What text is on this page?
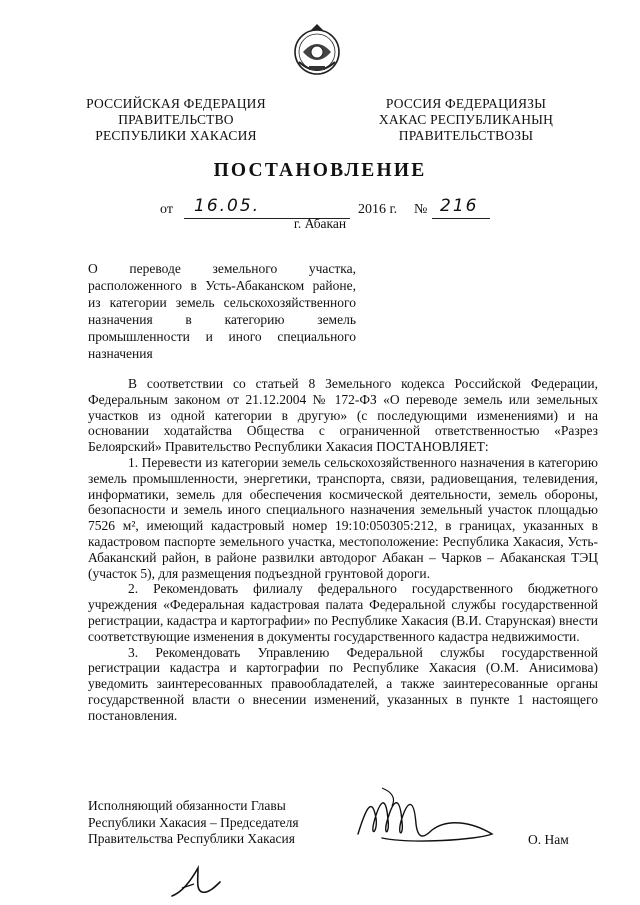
РОССИЙСКАЯ ФЕДЕРАЦИЯ
ПРАВИТЕЛЬСТВО
РЕСПУБЛИКИ ХАКАСИЯ
РОССИЯ ФЕДЕРАЦИЯЗЫ
ХАКАС РЕСПУБЛИКАНЫҢ
ПРАВИТЕЛЬСТВОЗЫ
ПОСТАНОВЛЕНИЕ
от 16.05.	2016 г. № 216
г. Абакан
О переводе земельного участка,
расположенного в Усть-Абаканском районе,
из категории земель сельскохозяйственного
назначения в категорию земель
промышленности и иного специального
назначения

В соответствии со статьей 8 Земельного кодекса Российской Федерации, Федеральным законом от 21.12.2004 № 172-ФЗ «О переводе земель или земельных участков из одной категории в другую» (с последующими изменениями) и на основании ходатайства Общества с ограниченной ответственностью «Разрез Белоярский» Правительство Республики Хакасия ПОСТАНОВЛЯЕТ:

1. Перевести из категории земель сельскохозяйственного назначения в категорию земель промышленности, энергетики, транспорта, связи, радиовещания, телевидения, информатики, земель для обеспечения космической деятельности, земель обороны, безопасности и земель иного специального назначения земельный участок площадью 7526 м², имеющий кадастровый номер 19:10:050305:212, в границах, указанных в кадастровом паспорте земельного участка, местоположение: Республика Хакасия, Усть-Абаканский район, в районе развилки автодорог Абакан – Чарков – Абаканская ТЭЦ (участок 5), для размещения подъездной грунтовой дороги.

2. Рекомендовать филиалу федерального государственного бюджетного учреждения «Федеральная кадастровая палата Федеральной службы государственной регистрации, кадастра и картографии» по Республике Хакасия (В.И. Старунская) внести соответствующие изменения в документы государственного кадастра недвижимости.

3. Рекомендовать Управлению Федеральной службы государственной регистрации кадастра и картографии по Республике Хакасия (О.М. Анисимова) уведомить заинтересованных правообладателей, а также заинтересованные органы государственной власти о внесении изменений, указанных в пункте 1 настоящего постановления.

Исполняющий обязанности Главы
Республики Хакасия – Председателя
Правительства Республики Хакасия	О. Нам
